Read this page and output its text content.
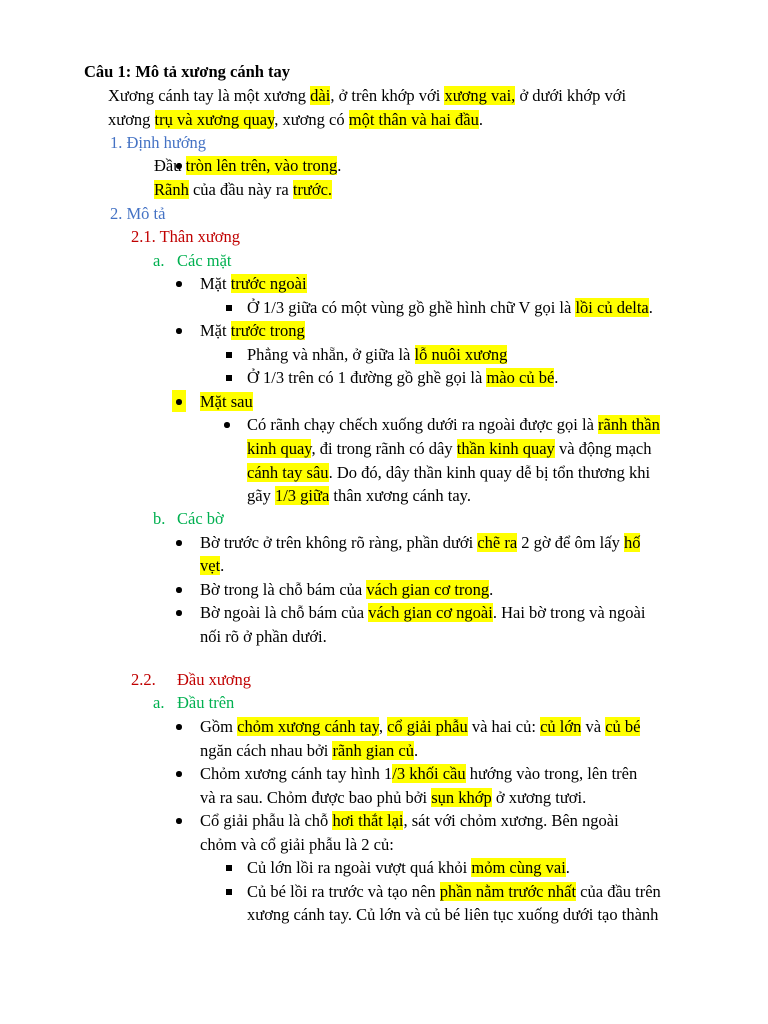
Câu 1: Mô tả xương cánh tay
Xương cánh tay là một xương dài, ở trên khớp với xương vai, ở dưới khớp với
xương trụ và xương quay, xương có một thân và hai đầu.
1. Định hướng
Đầu tròn lên trên, vào trong.
Rãnh của đầu này ra trước.
2. Mô tả
2.1. Thân xương
a. Các mặt
Mặt trước ngoài
Ở 1/3 giữa có một vùng gồ ghề hình chữ V gọi là lồi củ delta.
Mặt trước trong
Phẳng và nhẵn, ở giữa là lỗ nuôi xương
Ở 1/3 trên có 1 đường gồ ghề gọi là mào củ bé.
Mặt sau
Có rãnh chạy chếch xuống dưới ra ngoài được gọi là rãnh thần
kinh quay, đi trong rãnh có dây thần kinh quay và động mạch
cánh tay sâu. Do đó, dây thần kinh quay dễ bị tổn thương khi
gãy 1/3 giữa thân xương cánh tay.
b. Các bờ
Bờ trước ở trên không rõ ràng, phần dưới chẽ ra 2 gờ để ôm lấy hố
vẹt.
Bờ trong là chỗ bám của vách gian cơ trong.
Bờ ngoài là chỗ bám của vách gian cơ ngoài. Hai bờ trong và ngoài
nối rõ ở phần dưới.
2.2. Đầu xương
a. Đầu trên
Gồm chỏm xương cánh tay, cổ giải phẫu và hai củ: củ lớn và củ bé
ngăn cách nhau bởi rãnh gian củ.
Chỏm xương cánh tay hình 1/3 khối cầu hướng vào trong, lên trên
và ra sau. Chỏm được bao phủ bởi sụn khớp ở xương tươi.
Cổ giải phẫu là chỗ hơi thắt lại, sát với chỏm xương. Bên ngoài
chỏm và cổ giải phẫu là 2 củ:
Củ lớn lồi ra ngoài vượt quá khỏi mỏm cùng vai.
Củ bé lồi ra trước và tạo nên phần nằm trước nhất của đầu trên
xương cánh tay. Củ lớn và củ bé liên tục xuống dưới tạo thành
